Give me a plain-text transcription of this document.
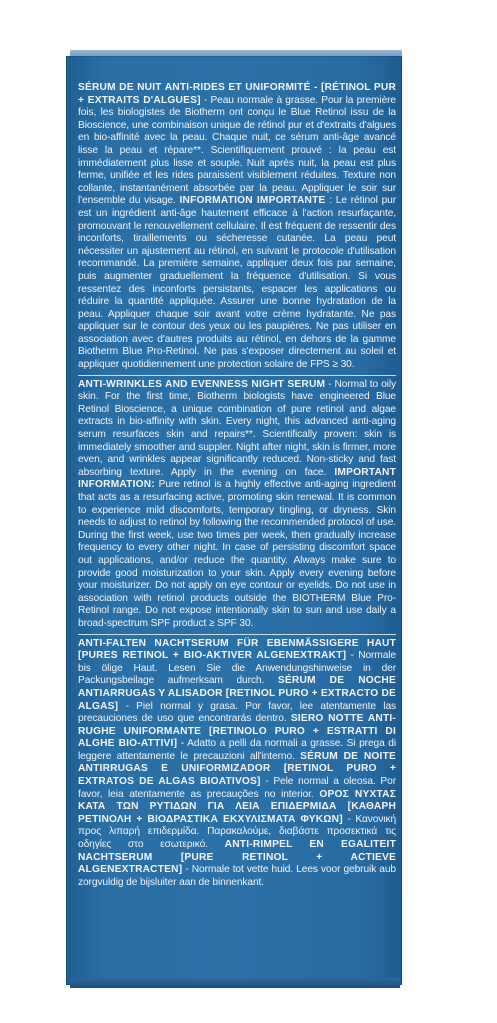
SÉRUM DE NUIT ANTI-RIDES ET UNIFORMITÉ - [RÉTINOL PUR + EXTRAITS D'ALGUES] - Peau normale à grasse. Pour la première fois, les biologistes de Biotherm ont conçu le Blue Retinol issu de la Bioscience, une combinaison unique de rétinol pur et d'extraits d'algues en bio-affinité avec la peau. Chaque nuit, ce sérum anti-âge avancé lisse la peau et répare**. Scientifiquement prouvé : la peau est immédiatement plus lisse et souple. Nuit après nuit, la peau est plus ferme, unifiée et les rides paraissent visiblement réduites. Texture non collante, instantanément absorbée par la peau. Appliquer le soir sur l'ensemble du visage. INFORMATION IMPORTANTE : Le rétinol pur est un ingrédient anti-âge hautement efficace à l'action resurfaçante, promouvant le renouvellement cellulaire. Il est fréquent de ressentir des inconforts, tiraillements ou sécheresse cutanée. La peau peut nécessiter un ajustement au rétinol, en suivant le protocole d'utilisation recommandé. La première semaine, appliquer deux fois par semaine, puis augmenter graduellement la fréquence d'utilisation. Si vous ressentez des inconforts persistants, espacer les applications ou réduire la quantité appliquée. Assurer une bonne hydratation de la peau. Appliquer chaque soir avant votre crème hydratante. Ne pas appliquer sur le contour des yeux ou les paupières. Ne pas utiliser en association avec d'autres produits au rétinol, en dehors de la gamme Biotherm Blue Pro-Retinol. Ne pas s'exposer directement au soleil et appliquer quotidiennement une protection solaire de FPS ≥ 30.

ANTI-WRINKLES AND EVENNESS NIGHT SERUM - Normal to oily skin. For the first time, Biotherm biologists have engineered Blue Retinol Bioscience, a unique combination of pure retinol and algae extracts in bio-affinity with skin. Every night, this advanced anti-aging serum resurfaces skin and repairs**. Scientifically proven: skin is immediately smoother and suppler. Night after night, skin is firmer, more even, and wrinkles appear significantly reduced. Non-sticky and fast absorbing texture. Apply in the evening on face. IMPORTANT INFORMATION: Pure retinol is a highly effective anti-aging ingredient that acts as a resurfacing active, promoting skin renewal. It is common to experience mild discomforts, temporary tingling, or dryness. Skin needs to adjust to retinol by following the recommended protocol of use. During the first week, use two times per week, then gradually increase frequency to every other night. In case of persisting discomfort space out applications, and/or reduce the quantity. Always make sure to provide good moisturization to your skin. Apply every evening before your moisturizer. Do not apply on eye contour or eyelids. Do not use in association with retinol products outside the BIOTHERM Blue Pro-Retinol range. Do not expose intentionally skin to sun and use daily a broad-spectrum SPF product ≥ SPF 30.

ANTI-FALTEN NACHTSERUM FÜR EBENMÄSSIGERE HAUT [PURES RETINOL + BIO-AKTIVER ALGENEXTRAKT] - Normale bis ölige Haut. Lesen Sie die Anwendungshinweise in der Packungsbeilage aufmerksam durch. SÉRUM DE NOCHE ANTIARRUGAS Y ALISADOR [RETINOL PURO + EXTRACTO DE ALGAS] - Piel normal y grasa. Por favor, lee atentamente las precauciones de uso que encontrarás dentro. SIERO NOTTE ANTI-RUGHE UNIFORMANTE [RETINOLO PURO + ESTRATTI DI ALGHE BIO-ATTIVI] - Adatto a pelli da normali a grasse. Si prega di leggere attentamente le precauzioni all'interno. SÉRUM DE NOITE ANTIRRUGAS E UNIFORMIZADOR [RETINOL PURO + EXTRATOS DE ALGAS BIOATIVOS] - Pele normal a oleosa. Por favor, leia atentamente as precauções no interior. ΟΡΟΣ ΝΥΧΤΑΣ ΚΑΤΑ ΤΩΝ ΡΥΤΙΔΩΝ ΓΙΑ ΛΕΙΑ ΕΠΙΔΕΡΜΙΔΑ [ΚΑΘΑΡΗ ΡΕΤΙΝΟΛΗ + ΒΙΟΔΡΑΣΤΙΚΑ ΕΚΧΥΛΙΣΜΑΤΑ ΦΥΚΩΝ] - Κανονική προς λιπαρή επιδερμίδα. Παρακαλούμε, διαβάστε προσεκτικά τις οδηγίες στο εσωτερικό. ANTI-RIMPEL EN EGALITEIT NACHTSERUM [PURE RETINOL + ACTIEVE ALGENEXTRACTEN] - Normale tot vette huid. Lees voor gebruik aub zorgvuldig de bijsluiter aan de binnenkant.
